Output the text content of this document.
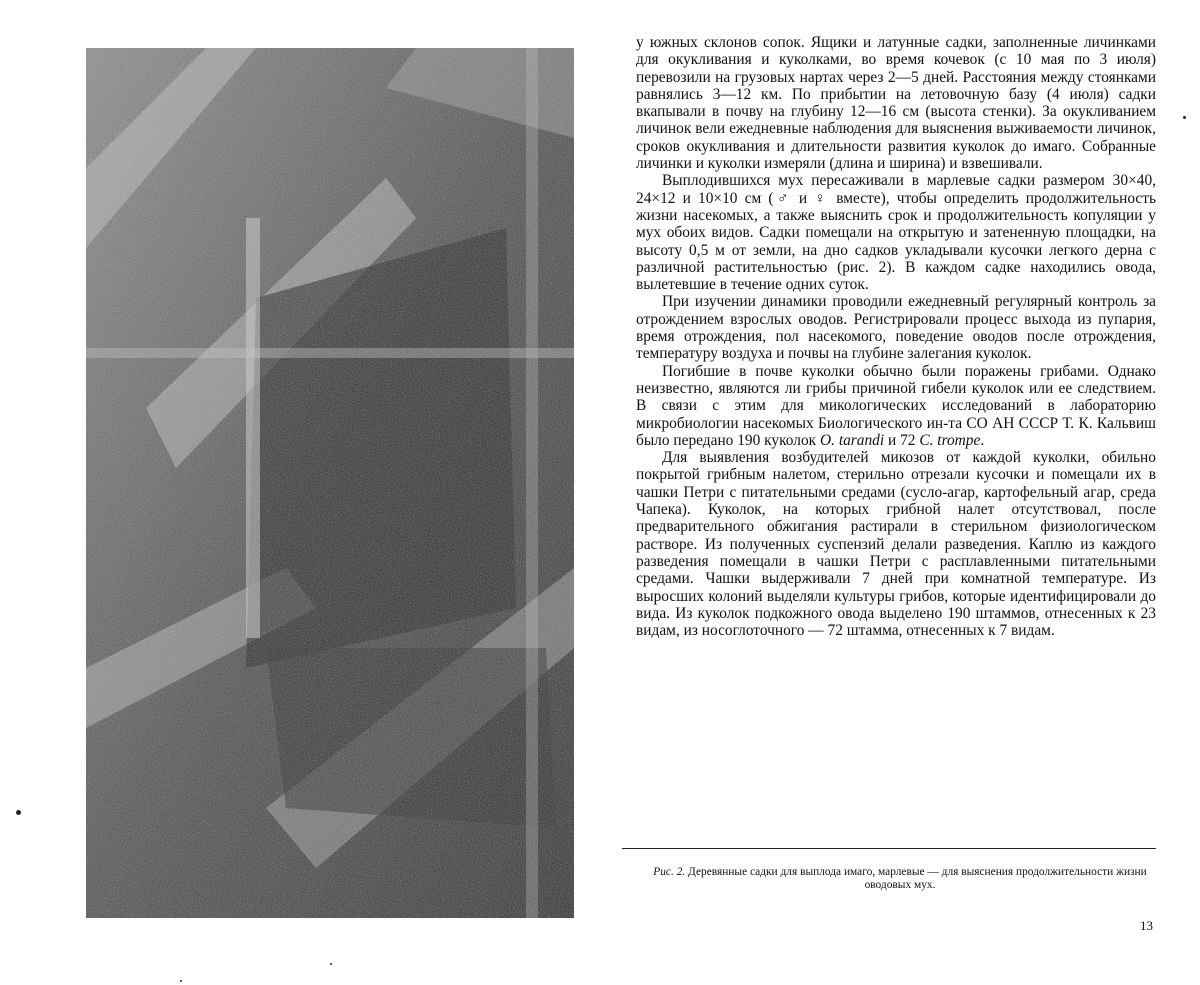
у южных склонов сопок. Ящики и латунные садки, заполненные личинками для окукливания и куколками, во время кочевок (с 10 мая по 3 июля) перевозили на грузовых нартах через 2—5 дней. Расстояния между стоянками равнялись 3—12 км. По прибытии на летовочную базу (4 июля) садки вкапывали в почву на глубину 12—16 см (высота стенки). За окукливанием личинок вели ежедневные наблюдения для выяснения выживаемости личинок, сроков окукливания и длительности развития куколок до имаго. Собранные личинки и куколки измеряли (длина и ширина) и взвешивали.

Выплодившихся мух пересаживали в марлевые садки размером 30×40, 24×12 и 10×10 см (♂ и ♀ вместе), чтобы определить продолжительность жизни насекомых, а также выяснить срок и продолжительность копуляции у мух обоих видов. Садки помещали на открытую и затененную площадки, на высоту 0,5 м от земли, на дно садков укладывали кусочки легкого дерна с различной растительностью (рис. 2). В каждом садке находились овода, вылетевшие в течение одних суток.

При изучении динамики проводили ежедневный регулярный контроль за отрождением взрослых оводов. Регистрировали процесс выхода из пупария, время отрождения, пол насекомого, поведение оводов после отрождения, температуру воздуха и почвы на глубине залегания куколок.

Погибшие в почве куколки обычно были поражены грибами. Однако неизвестно, являются ли грибы причиной гибели куколок или ее следствием. В связи с этим для микологических исследований в лабораторию микробиологии насекомых Биологического ин-та СО АН СССР Т. К. Кальвиш было передано 190 куколок O. tarandi и 72 C. trompe.

Для выявления возбудителей микозов от каждой куколки, обильно покрытой грибным налетом, стерильно отрезали кусочки и помещали их в чашки Петри с питательными средами (сусло-агар, картофельный агар, среда Чапека). Куколок, на которых грибной налет отсутствовал, после предварительного обжигания растирали в стерильном физиологическом растворе. Из полученных суспензий делали разведения. Каплю из каждого разведения помещали в чашки Петри с расплавленными питательными средами. Чашки выдерживали 7 дней при комнатной температуре. Из выросших колоний выделяли культуры грибов, которые идентифицировали до вида. Из куколок подкожного овода выделено 190 штаммов, отнесенных к 23 видам, из носоглоточного — 72 штамма, отнесенных к 7 видам.

Рис. 2. Деревянные садки для выплода имаго, марлевые — для выяснения продолжительности жизни оводовых мух.
13
